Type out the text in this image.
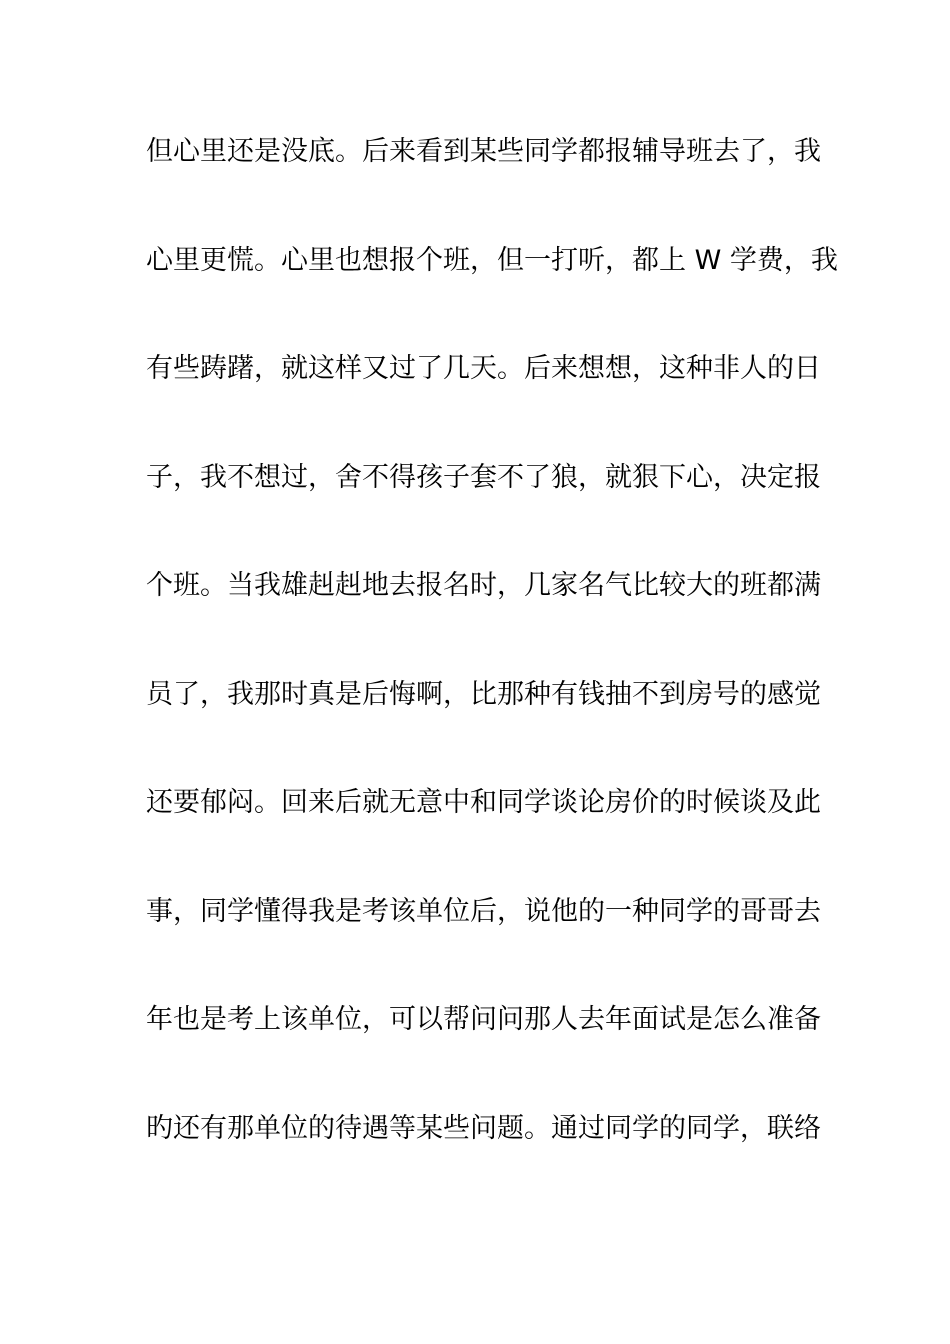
但心里还是没底。后来看到某些同学都报辅导班去了，我
心里更慌。心里也想报个班，但一打听，都上 W 学费，我
有些踌躇，就这样又过了几天。后来想想，这种非人的日
子，我不想过，舍不得孩子套不了狼，就狠下心，决定报
个班。当我雄赳赳地去报名时，几家名气比较大的班都满
员了，我那时真是后悔啊，比那种有钱抽不到房号的感觉
还要郁闷。回来后就无意中和同学谈论房价的时候谈及此
事，同学懂得我是考该单位后，说他的一种同学的哥哥去
年也是考上该单位，可以帮问问那人去年面试是怎么准备
旳还有那单位的待遇等某些问题。通过同学的同学，联络
